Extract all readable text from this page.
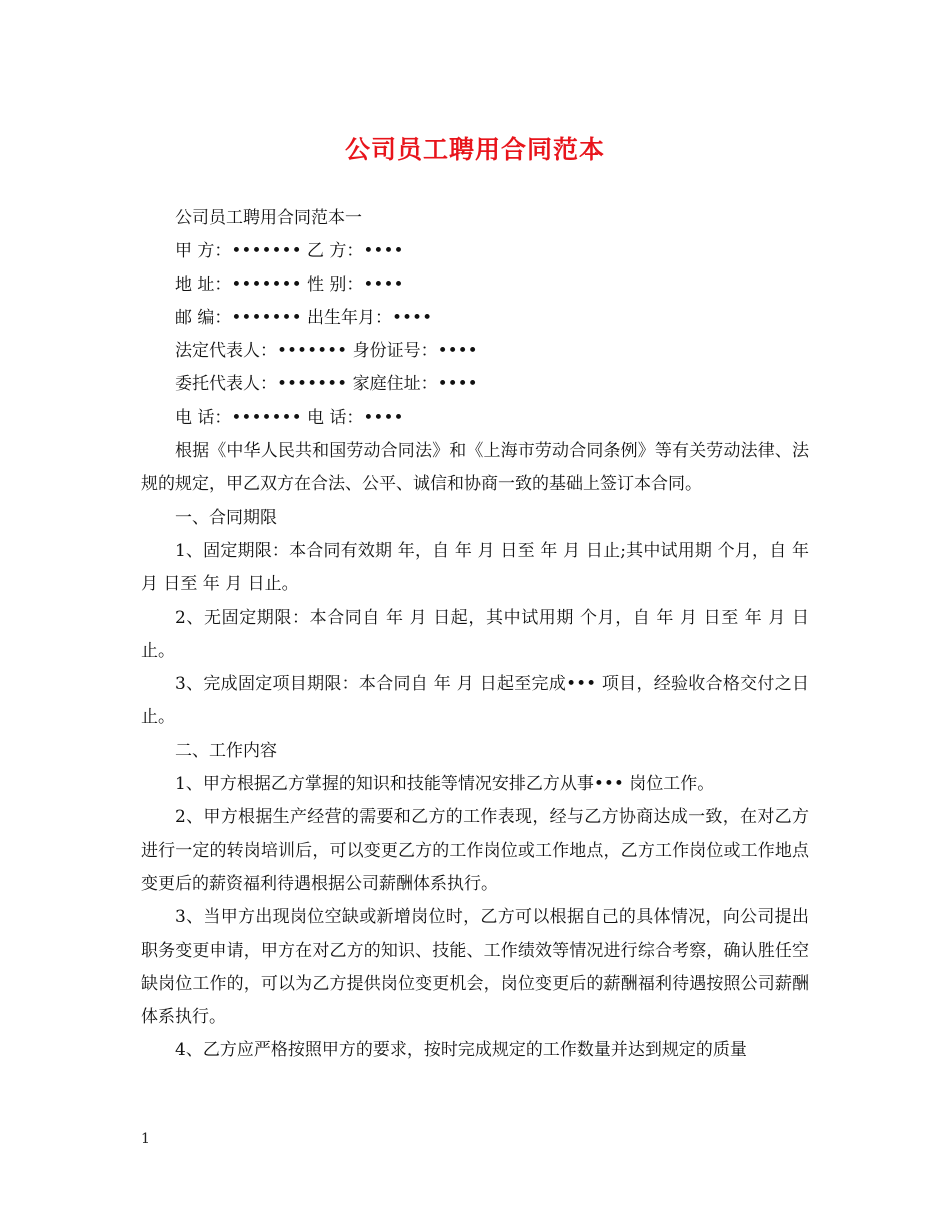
公司员工聘用合同范本

公司员工聘用合同范本一

甲 方：••••••• 乙 方：••••

地 址：••••••• 性 别：••••

邮 编：••••••• 出生年月：••••

法定代表人：••••••• 身份证号：••••

委托代表人：••••••• 家庭住址：••••

电 话：••••••• 电 话：••••

根据《中华人民共和国劳动合同法》和《上海市劳动合同条例》等有关劳动法律、法规的规定，甲乙双方在合法、公平、诚信和协商一致的基础上签订本合同。

一、合同期限

1、固定期限：本合同有效期 年，自 年 月 日至 年 月 日止;其中试用期 个月，自 年 月 日至 年 月 日止。

2、无固定期限：本合同自 年 月 日起，其中试用期 个月，自 年 月 日至 年 月 日止。

3、完成固定项目期限：本合同自 年 月 日起至完成••• 项目，经验收合格交付之日止。

二、工作内容

1、甲方根据乙方掌握的知识和技能等情况安排乙方从事••• 岗位工作。

2、甲方根据生产经营的需要和乙方的工作表现，经与乙方协商达成一致，在对乙方进行一定的转岗培训后，可以变更乙方的工作岗位或工作地点，乙方工作岗位或工作地点变更后的薪资福利待遇根据公司薪酬体系执行。

3、当甲方出现岗位空缺或新增岗位时，乙方可以根据自己的具体情况，向公司提出职务变更申请，甲方在对乙方的知识、技能、工作绩效等情况进行综合考察，确认胜任空缺岗位工作的，可以为乙方提供岗位变更机会，岗位变更后的薪酬福利待遇按照公司薪酬体系执行。

4、乙方应严格按照甲方的要求，按时完成规定的工作数量并达到规定的质量

1
